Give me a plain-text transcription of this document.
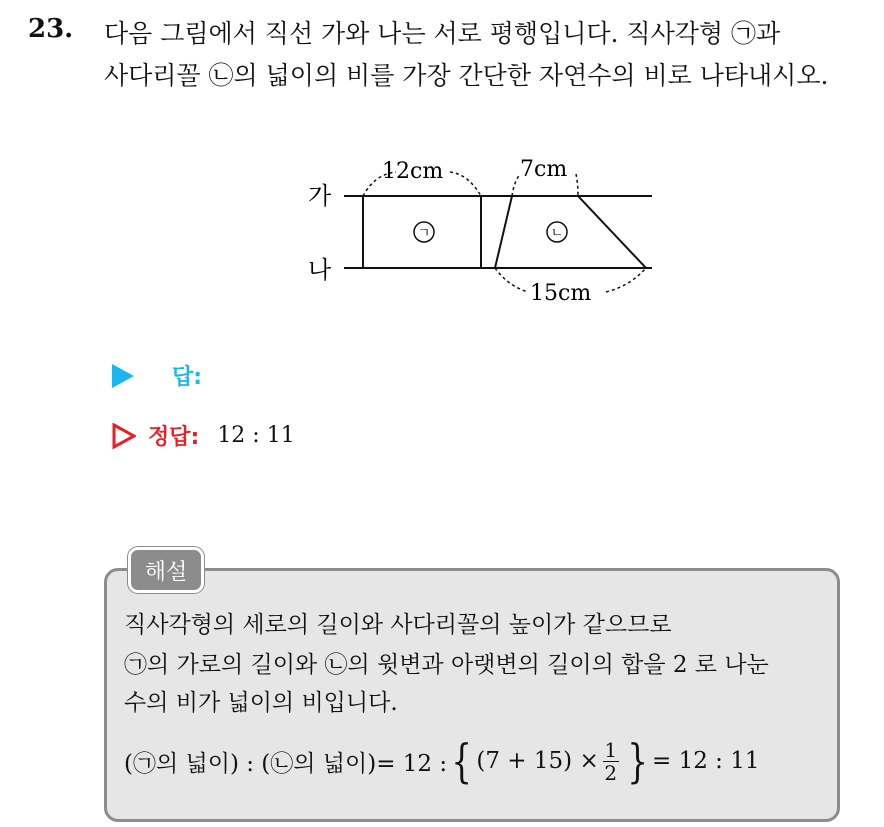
23. 다음 그림에서 직선 가와 나는 서로 평행입니다. 직사각형 ㉠과
사다리꼴 ㉡의 넓이의 비를 가장 간단한 자연수의 비로 나타내시오.
가
나
12cm	7cm
15cm
ㄱ	ㄴ
답:
정답: 12 : 11
해설
직사각형의 세로의 길이와 사다리꼴의 높이가 같으므로
㉠의 가로의 길이와 ㉡의 윗변과 아랫변의 길이의 합을 2 로 나눈
수의 비가 넓이의 비입니다.
(㉠의 넓이) : (㉡의 넓이)= 12 : { $(7 + 15) \times \frac{1}{2}$ } = 12 : 11
